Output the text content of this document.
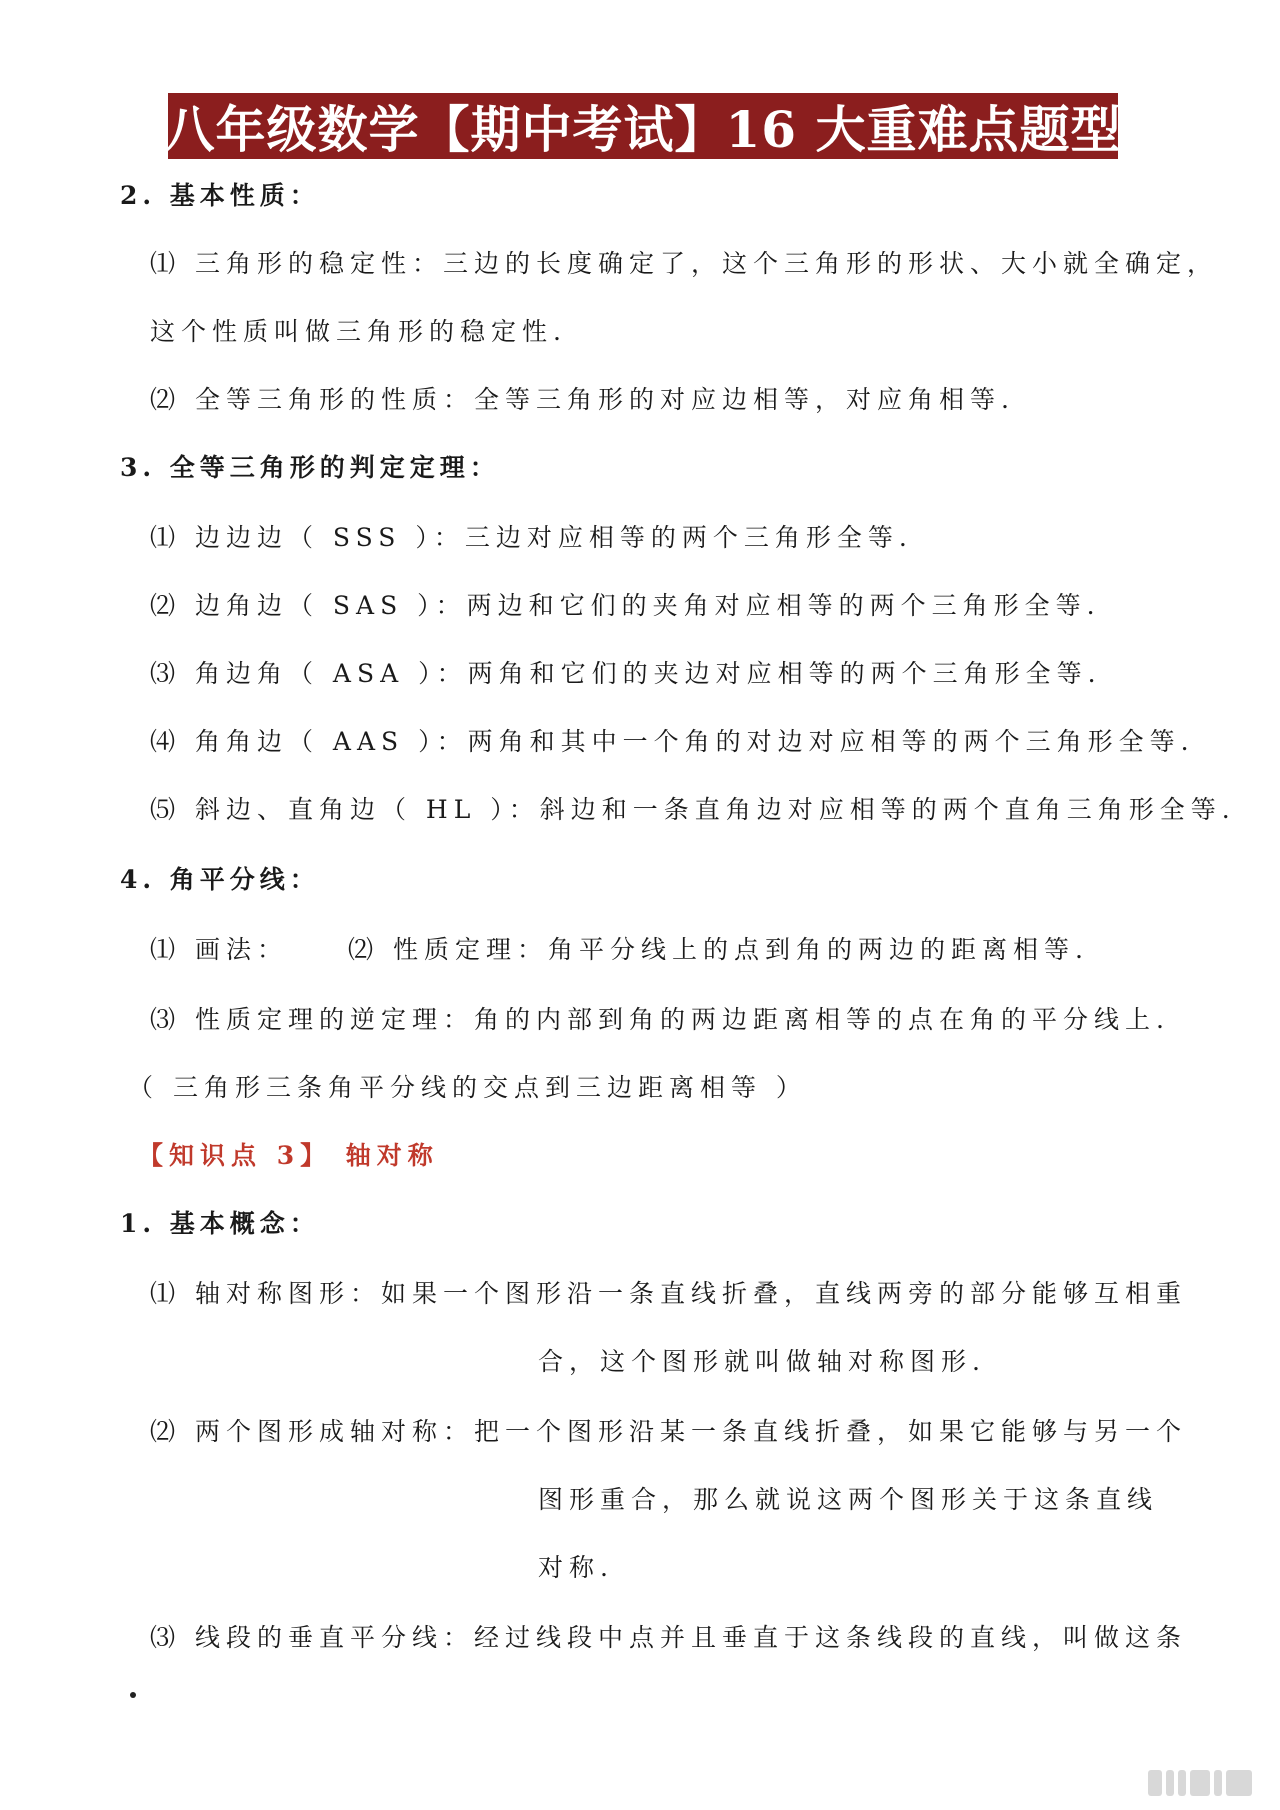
八年级数学【期中考试】16 大重难点题型
2. 基本性质：
⑴ 三角形的稳定性：三边的长度确定了，这个三角形的形状、大小就全确定，
这个性质叫做三角形的稳定性.
⑵ 全等三角形的性质：全等三角形的对应边相等，对应角相等.
3. 全等三角形的判定定理：
⑴ 边边边（ SSS ）：三边对应相等的两个三角形全等.
⑵ 边角边（ SAS ）：两边和它们的夹角对应相等的两个三角形全等.
⑶ 角边角（ ASA ）：两角和它们的夹边对应相等的两个三角形全等.
⑷ 角角边（ AAS ）：两角和其中一个角的对边对应相等的两个三角形全等.
⑸ 斜边、直角边（ HL ）：斜边和一条直角边对应相等的两个直角三角形全等.
4. 角平分线：
⑴ 画法： ⑵ 性质定理：角平分线上的点到角的两边的距离相等.
⑶ 性质定理的逆定理：角的内部到角的两边距离相等的点在角的平分线上.
（ 三角形三条角平分线的交点到三边距离相等 ）
【知识点 3】 轴对称
1. 基本概念：
⑴ 轴对称图形：如果一个图形沿一条直线折叠，直线两旁的部分能够互相重
合，这个图形就叫做轴对称图形.
⑵ 两个图形成轴对称：把一个图形沿某一条直线折叠，如果它能够与另一个
图形重合，那么就说这两个图形关于这条直线
对称.
⑶ 线段的垂直平分线：经过线段中点并且垂直于这条线段的直线，叫做这条
